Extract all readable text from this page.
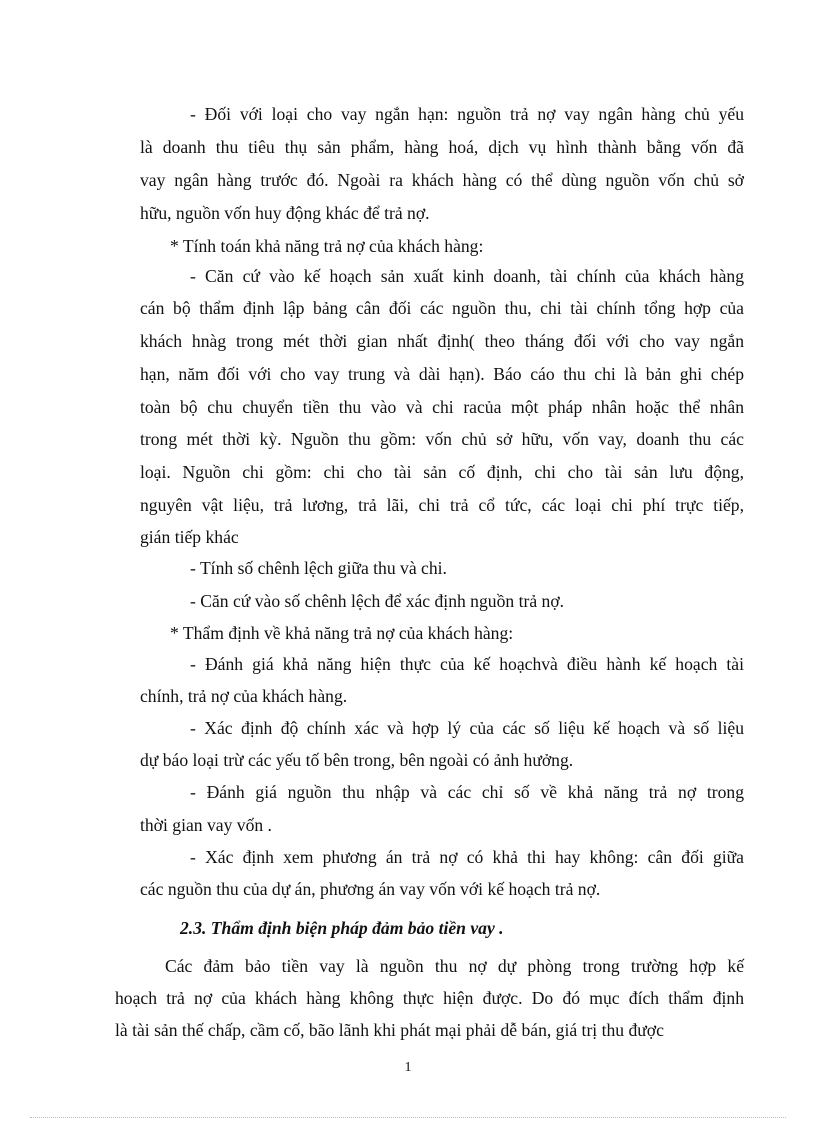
- Đối với loại cho vay ngắn hạn: nguồn trả nợ vay ngân hàng chủ yếu
là doanh thu tiêu thụ sản phẩm, hàng hoá, dịch vụ hình thành bằng vốn đã
vay ngân hàng trước đó. Ngoài ra khách hàng có thể dùng nguồn vốn chủ sở
hữu, nguồn vốn huy động khác để trả nợ.
* Tính toán khả năng trả nợ của khách hàng:
- Căn cứ vào kế hoạch sản xuất kinh doanh, tài chính của khách hàng
cán bộ thẩm định lập bảng cân đối các nguồn thu, chi tài chính tổng hợp của
khách hnàg trong mét thời gian nhất định( theo tháng đối với cho vay ngắn
hạn, năm đối với cho vay trung và dài hạn). Báo cáo thu chi là bản ghi chép
toàn bộ chu chuyển tiền thu vào và chi racủa một pháp nhân hoặc thể nhân
trong mét thời kỳ. Nguồn thu gồm: vốn chủ sở hữu, vốn vay, doanh thu các
loại. Nguồn chi gồm: chi cho tài sản cố định, chi cho tài sản lưu động,
nguyên vật liệu, trả lương, trả lãi, chi trả cổ tức, các loại chi phí trực tiếp,
gián tiếp khác
- Tính số chênh lệch giữa thu và chi.
- Căn cứ vào số chênh lệch để xác định nguồn trả nợ.
* Thẩm định về khả năng trả nợ của khách hàng:
- Đánh giá khả năng hiện thực của kế hoạchvà điều hành kế hoạch tài
chính, trả nợ của khách hàng.
- Xác định độ chính xác và hợp lý của các số liệu kế hoạch và số liệu
dự báo loại trừ các yếu tố bên trong, bên ngoài có ảnh hưởng.
- Đánh giá nguồn thu nhập và các chỉ số về khả năng trả nợ trong
thời gian vay vốn .
- Xác định xem phương án trả nợ có khả thi hay không: cân đối giữa
các nguồn thu của dự án, phương án vay vốn với kế hoạch trả nợ.
2.3. Thẩm định biện pháp đảm bảo tiền vay .
Các đảm bảo tiền vay là nguồn thu nợ dự phòng trong trường hợp kế
hoạch trả nợ của khách hàng không thực hiện được. Do đó mục đích thẩm định
là tài sản thế chấp, cầm cố, bão lãnh khi phát mại phải dễ bán, giá trị thu được
1
